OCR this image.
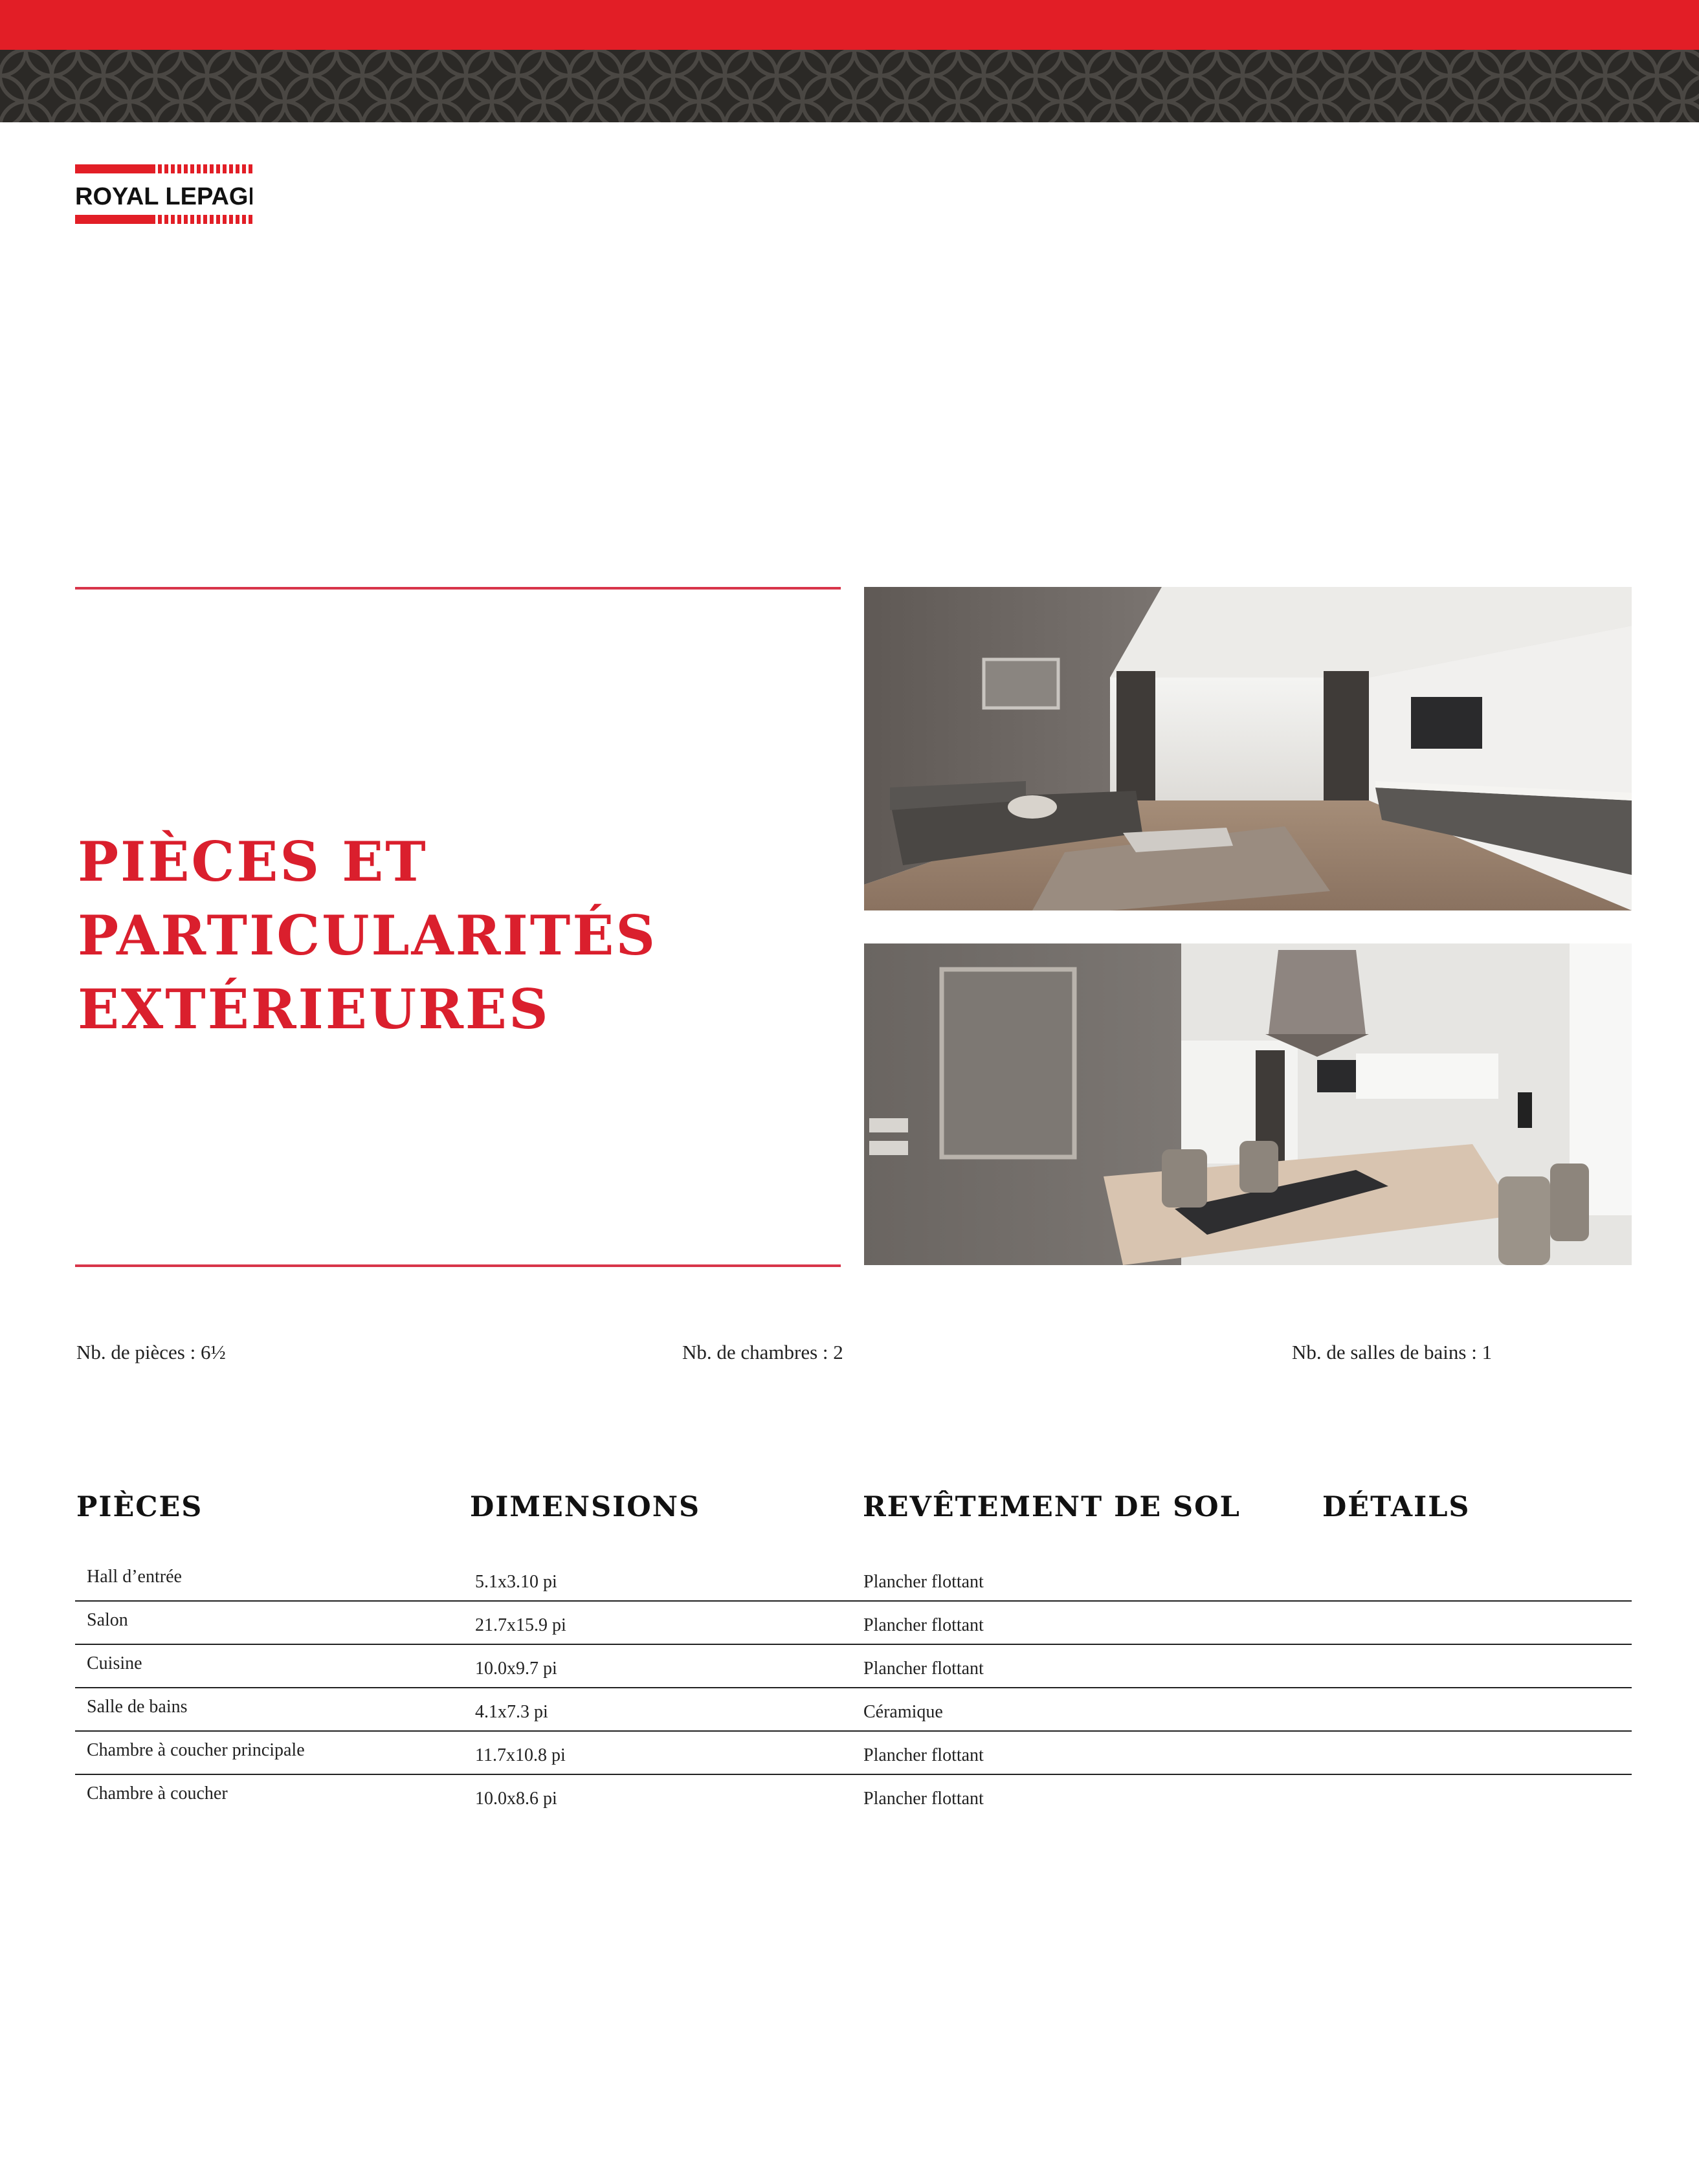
ROYAL LEPAGE
PIÈCES ET
PARTICULARITÉS
EXTÉRIEURES
Nb. de pièces : 6½	Nb. de chambres : 2	Nb. de salles de bains : 1
PIÈCES	DIMENSIONS	REVÊTEMENT DE SOL	DÉTAILS
Hall d’entrée	5.1x3.10 pi	Plancher flottant
Salon	21.7x15.9 pi	Plancher flottant
Cuisine	10.0x9.7 pi	Plancher flottant
Salle de bains	4.1x7.3 pi	Céramique
Chambre à coucher principale	11.7x10.8 pi	Plancher flottant
Chambre à coucher	10.0x8.6 pi	Plancher flottant
